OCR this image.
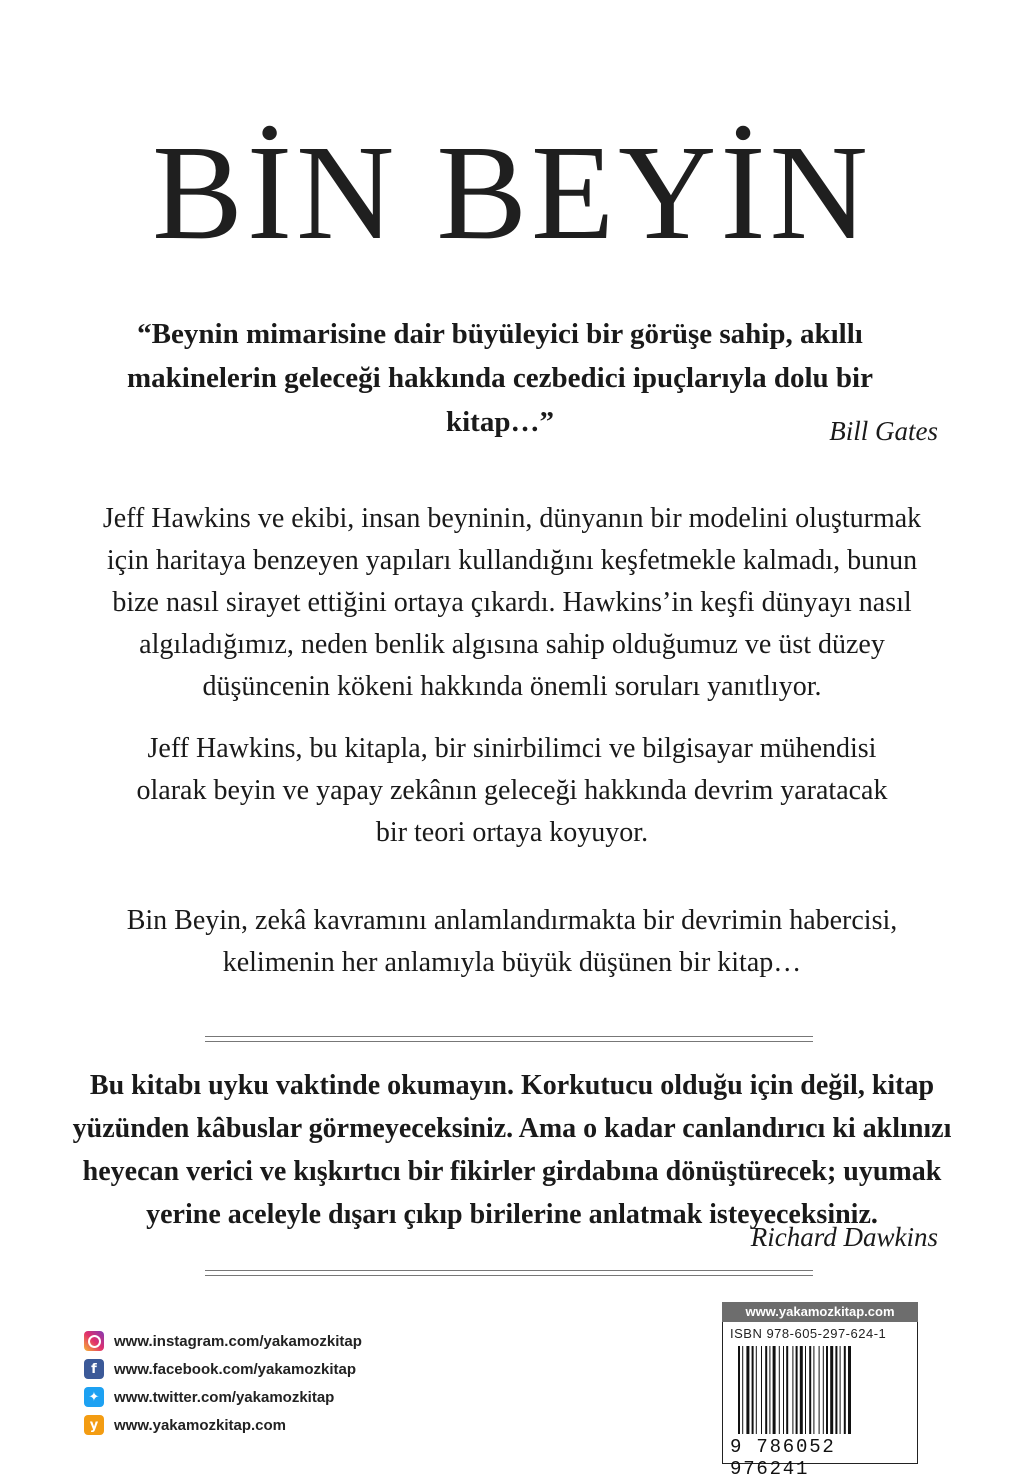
BİN BEYİN
“Beynin mimarisine dair büyüleyici bir görüşe sahip, akıllı
makinelerin geleceği hakkında cezbedici ipuçlarıyla dolu bir kitap…”	Bill Gates
Jeff Hawkins ve ekibi, insan beyninin, dünyanın bir modelini oluşturmak
için haritaya benzeyen yapıları kullandığını keşfetmekle kalmadı, bunun
bize nasıl sirayet ettiğini ortaya çıkardı. Hawkins’in keşfi dünyayı nasıl
algıladığımız, neden benlik algısına sahip olduğumuz ve üst düzey
düşüncenin kökeni hakkında önemli soruları yanıtlıyor.
Jeff Hawkins, bu kitapla, bir sinirbilimci ve bilgisayar mühendisi
olarak beyin ve yapay zekânın geleceği hakkında devrim yaratacak
bir teori ortaya koyuyor.
Bin Beyin, zekâ kavramını anlamlandırmakta bir devrimin habercisi,
kelimenin her anlamıyla büyük düşünen bir kitap…
Bu kitabı uyku vaktinde okumayın. Korkutucu olduğu için değil, kitap
yüzünden kâbuslar görmeyeceksiniz. Ama o kadar canlandırıcı ki aklınızı
heyecan verici ve kışkırtıcı bir fikirler girdabına dönüştürecek; uyumak
yerine aceleyle dışarı çıkıp birilerine anlatmak isteyeceksiniz.
Richard Dawkins
www.instagram.com/yakamozkitap
f	www.facebook.com/yakamozkitap
✦ www.twitter.com/yakamozkitap
y	www.yakamozkitap.com
www.yakamozkitap.com
ISBN 978-605-297-624-1
9 786052 976241
